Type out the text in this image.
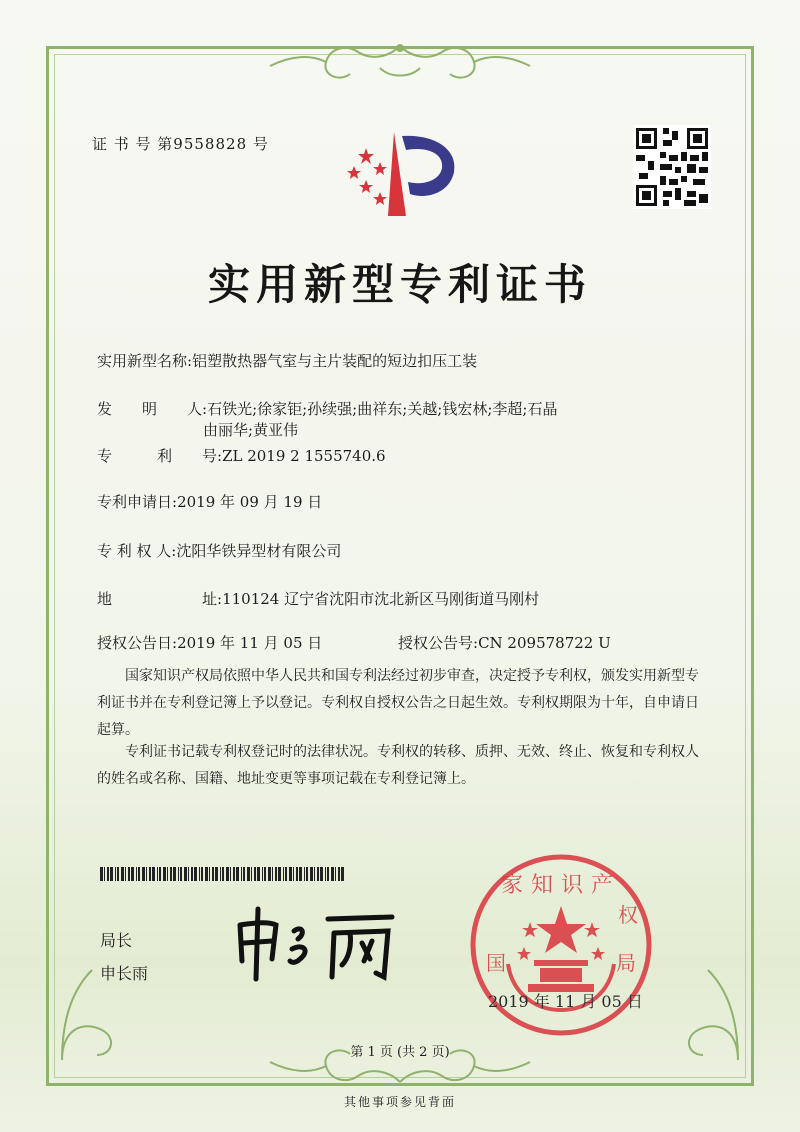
证 书 号 第9558828 号
实用新型专利证书
实用新型名称:铝塑散热器气室与主片装配的短边扣压工装
发　　明　　人:石铁光;徐家钜;孙续强;曲祥东;关越;钱宏林;李超;石晶
由丽华;黄亚伟
专　　　利　　号:ZL 2019 2 1555740.6
专利申请日:2019 年 09 月 19 日
专 利 权 人:沈阳华铁异型材有限公司
地　　　　　　址:110124 辽宁省沈阳市沈北新区马刚街道马刚村
授权公告日:2019 年 11 月 05 日	授权公告号:CN 209578722 U
国家知识产权局依照中华人民共和国专利法经过初步审查，决定授予专利权，颁发实用新型专利证书并在专利登记簿上予以登记。专利权自授权公告之日起生效。专利权期限为十年，自申请日起算。
专利证书记载专利权登记时的法律状况。专利权的转移、质押、无效、终止、恢复和专利权人的姓名或名称、国籍、地址变更等事项记载在专利登记簿上。
局长
申长雨
家知识产
国	局
权
2019 年 11 月 05 日
第 1 页 (共 2 页)
其他事项参见背面
